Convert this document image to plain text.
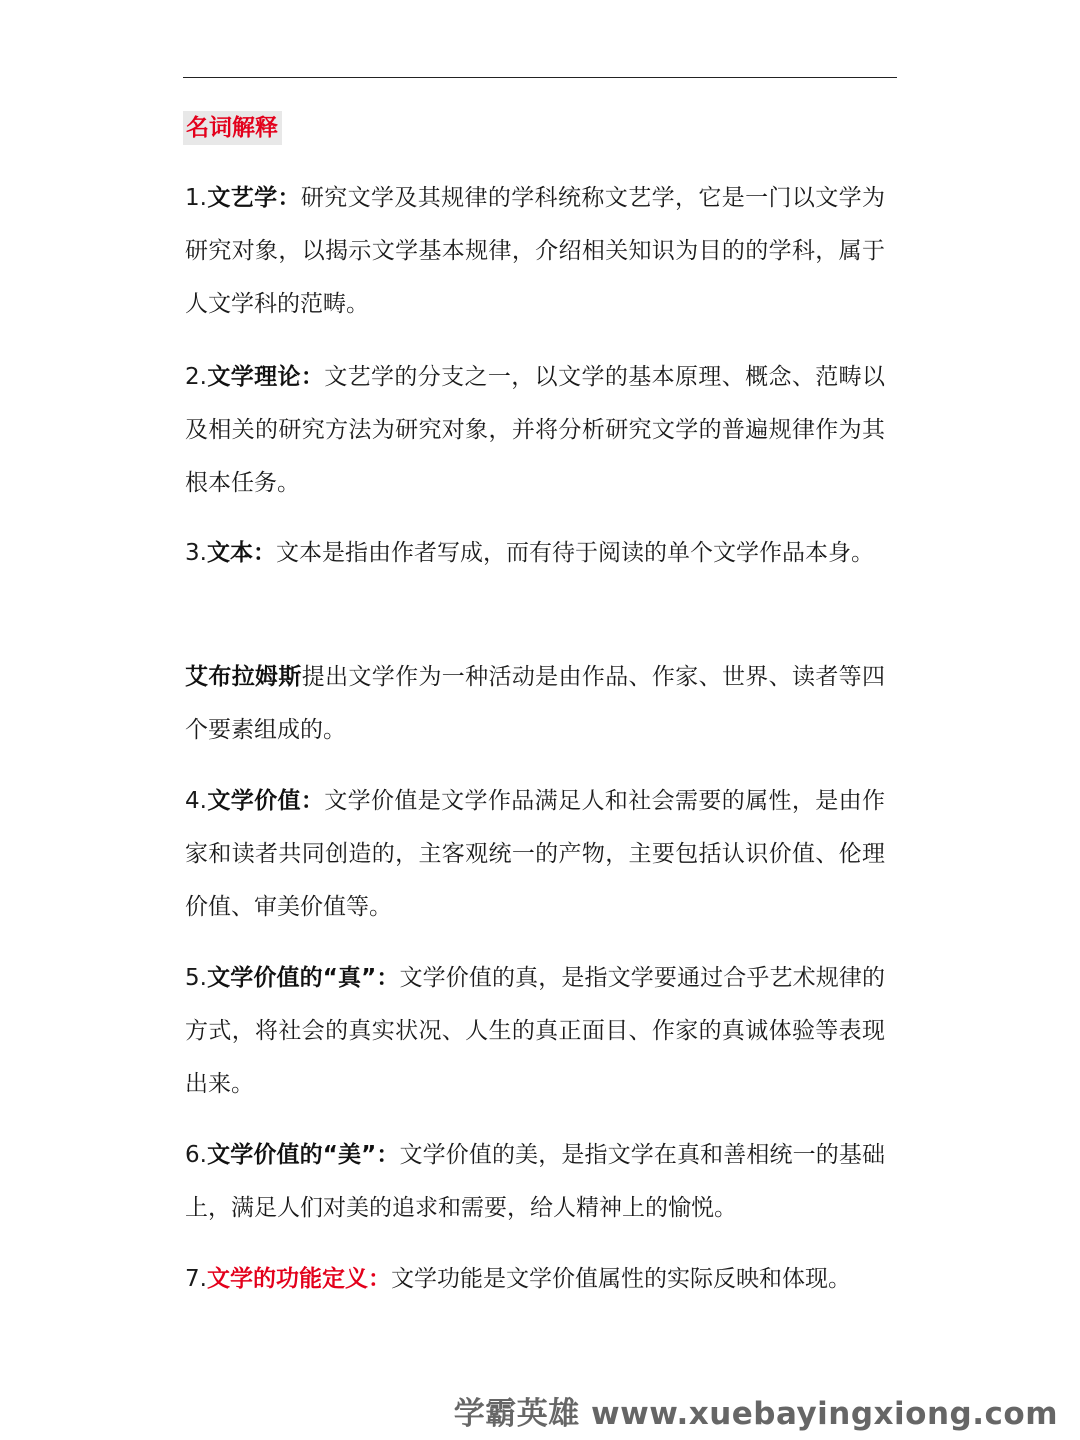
名词解释

1.文艺学：研究文学及其规律的学科统称文艺学，它是一门以文学为研究对象，以揭示文学基本规律，介绍相关知识为目的的学科，属于人文学科的范畴。

2.文学理论：文艺学的分支之一，以文学的基本原理、概念、范畴以及相关的研究方法为研究对象，并将分析研究文学的普遍规律作为其根本任务。

3.文本：文本是指由作者写成，而有待于阅读的单个文学作品本身。

艾布拉姆斯提出文学作为一种活动是由作品、作家、世界、读者等四个要素组成的。

4.文学价值：文学价值是文学作品满足人和社会需要的属性，是由作家和读者共同创造的，主客观统一的产物，主要包括认识价值、伦理价值、审美价值等。

5.文学价值的“真”：文学价值的真，是指文学要通过合乎艺术规律的方式，将社会的真实状况、人生的真正面目、作家的真诚体验等表现出来。

6.文学价值的“美”：文学价值的美，是指文学在真和善相统一的基础上，满足人们对美的追求和需要，给人精神上的愉悦。

7.文学的功能定义：文学功能是文学价值属性的实际反映和体现。

学霸英雄 www.xuebayingxiong.com
